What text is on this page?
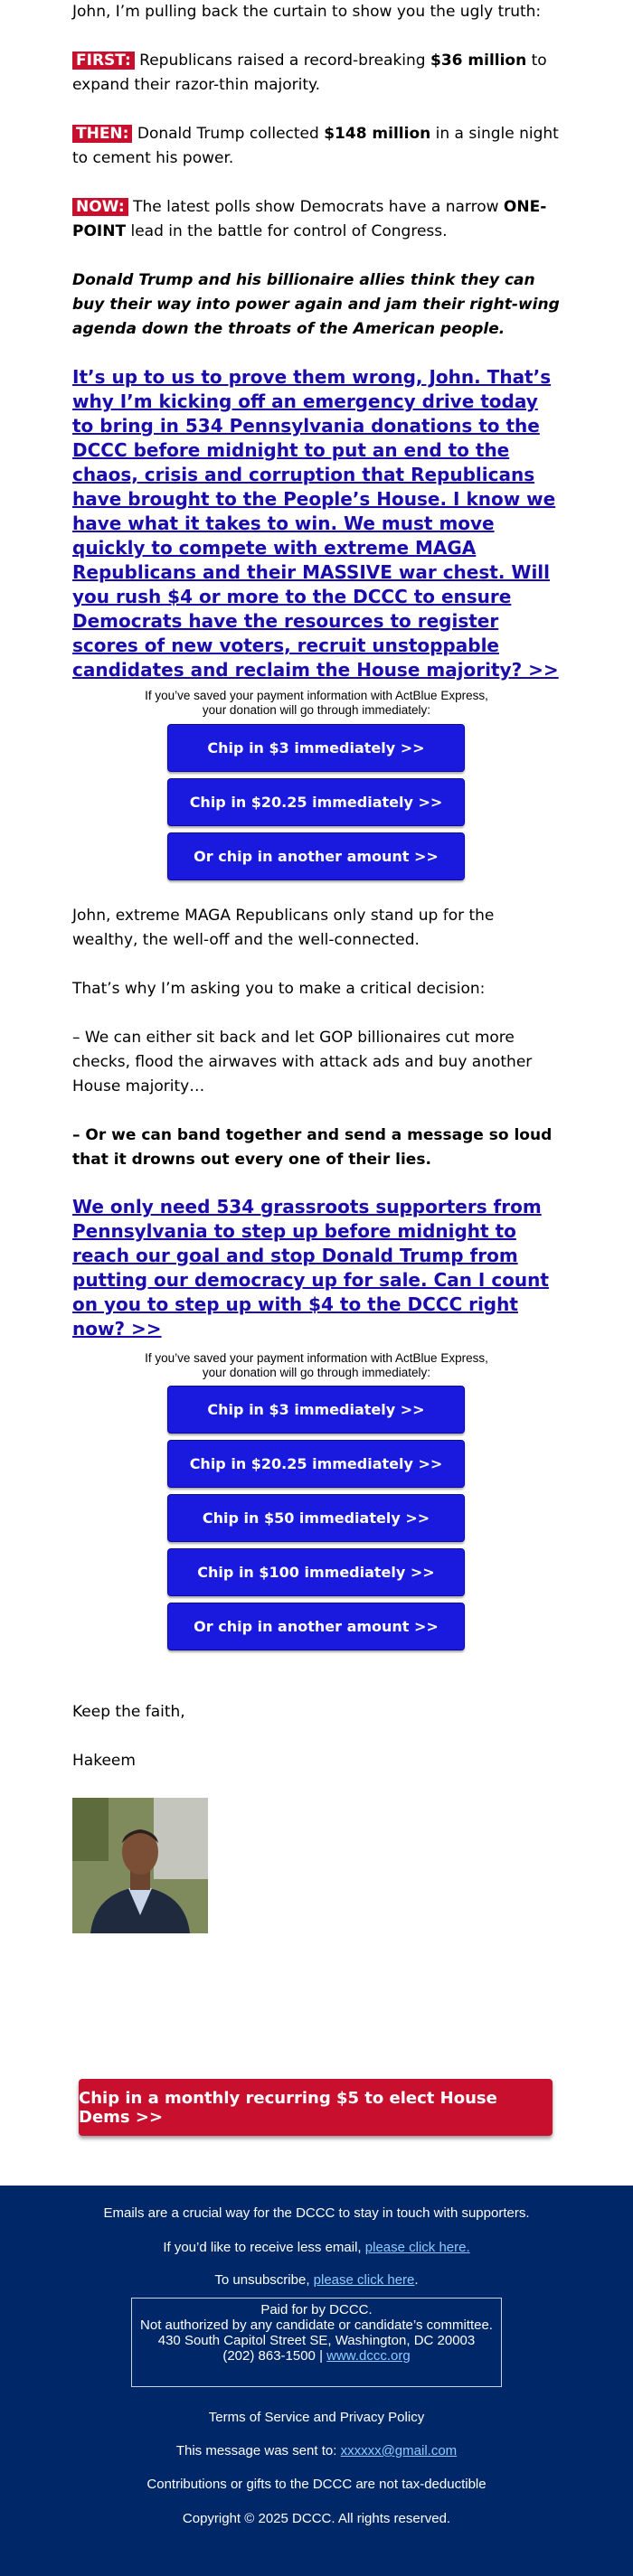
John, I’m pulling back the curtain to show you the ugly truth:

FIRST: Republicans raised a record-breaking $36 million to expand their razor-thin majority.

THEN: Donald Trump collected $148 million in a single night to cement his power.

NOW: The latest polls show Democrats have a narrow ONE-POINT lead in the battle for control of Congress.

Donald Trump and his billionaire allies think they can buy their way into power again and jam their right-wing agenda down the throats of the American people.

It’s up to us to prove them wrong, John. That’s why I’m kicking off an emergency drive today to bring in 534 Pennsylvania donations to the DCCC before midnight to put an end to the chaos, crisis and corruption that Republicans have brought to the People’s House. I know we have what it takes to win. We must move quickly to compete with extreme MAGA Republicans and their MASSIVE war chest. Will you rush $4 or more to the DCCC to ensure Democrats have the resources to register scores of new voters, recruit unstoppable candidates and reclaim the House majority? >>
If you’ve saved your payment information with ActBlue Express,
your donation will go through immediately:
Chip in $3 immediately >>
Chip in $20.25 immediately >>
Or chip in another amount >>

John, extreme MAGA Republicans only stand up for the wealthy, the well-off and the well-connected.

That’s why I’m asking you to make a critical decision:

– We can either sit back and let GOP billionaires cut more checks, flood the airwaves with attack ads and buy another House majority…

– Or we can band together and send a message so loud that it drowns out every one of their lies.

We only need 534 grassroots supporters from Pennsylvania to step up before midnight to reach our goal and stop Donald Trump from putting our democracy up for sale. Can I count on you to step up with $4 to the DCCC right now? >>
If you’ve saved your payment information with ActBlue Express,
your donation will go through immediately:
Chip in $3 immediately >>
Chip in $20.25 immediately >>
Chip in $50 immediately >>
Chip in $100 immediately >>
Or chip in another amount >>

Keep the faith,

Hakeem

Chip in a monthly recurring $5 to elect House Dems >>
Emails are a crucial way for the DCCC to stay in touch with supporters.
If you’d like to receive less email, please click here.
To unsubscribe, please click here.
Paid for by DCCC.
Not authorized by any candidate or candidate’s committee.
430 South Capitol Street SE, Washington, DC 20003
(202) 863-1500 | www.dccc.org
Terms of Service and Privacy Policy
This message was sent to: xxxxxx@gmail.com
Contributions or gifts to the DCCC are not tax-deductible
Copyright © 2025 DCCC. All rights reserved.
